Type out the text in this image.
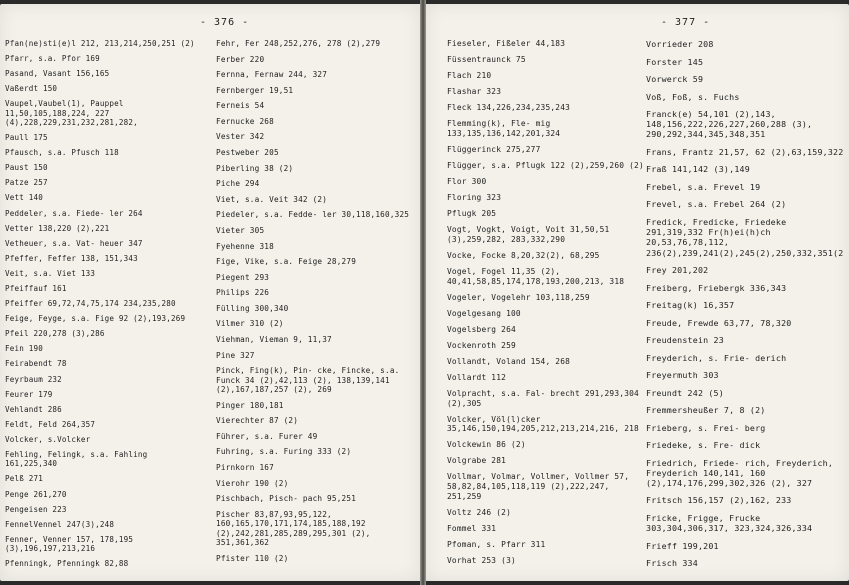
- 376 -
Pfan(ne)sti(e)l 212, 213,214,250,251 (2)
Pfarr, s.a. Pfor 169
Pasand, Vasant 156,165
Vaßerdt 150
Vaupel,Vaubel(1), Pauppel 11,50,105,188,224, 227 (4),228,229,231,232,281,282,
Paull 175
Pfausch, s.a. Pfusch 118
Paust 150
Patze 257
Vett 140
Peddeler, s.a. Fiede- ler 264
Vetter 138,220 (2),221
Vetheuer, s.a. Vat- heuer 347
Pfeffer, Feffer 138, 151,343
Veit, s.a. Viet 133
Pfeiffauf 161
Pfeiffer 69,72,74,75,174 234,235,280
Feige, Feyge, s.a. Fige 92 (2),193,269
Pfeil 220,278 (3),286
Fein 190
Feirabendt 78
Feyrbaum 232
Feurer 179
Vehlandt 286
Feldt, Feld 264,357
Volcker, s.Volcker
Fehling, Felingk, s.a. Fahling 161,225,340
Pelß 271
Penge 261,270
Pengeisen 223
FennelVennel 247(3),248
Fenner, Venner 157, 178,195 (3),196,197,213,216
Pfenningk, Pfenningk 82,88
Fehr, Fer 248,252,276, 278 (2),279
Ferber 220
Fernna, Fernaw 244, 327
Fernberger 19,51
Ferneis 54
Fernucke 268
Vester 342
Pestweber 205
Piberling 38 (2)
Piche 294
Viet, s.a. Veit 342 (2)
Piedeler, s.a. Fedde- ler 30,118,160,325
Vieter 305
Fyehenne 318
Fige, Vike, s.a. Feige 28,279
Piegent 293
Philips 226
Fülling 300,340
Vilmer 310 (2)
Viehman, Vieman 9, 11,37
Pine 327
Pinck, Fing(k), Pin- cke, Fincke, s.a. Funck 34 (2),42,113 (2), 138,139,141 (2),167,187,257 (2), 269
Pinger 180,181
Vierechter 87 (2)
Führer, s.a. Furer 49
Fuhring, s.a. Furing 333 (2)
Pirnkorn 167
Vierohr 190 (2)
Pischbach, Pisch- pach 95,251
Pischer 83,87,93,95,122, 160,165,170,171,174,185,188,192 (2),242,281,285,289,295,301 (2), 351,361,362
Pfister 110 (2)
- 377 -
Fieseler, Fißeler 44,183
Füssentraunck 75
Flach 210
Flashar 323
Fleck 134,226,234,235,243
Flemming(k), Fle- mig 133,135,136,142,201,324
Flüggerinck 275,277
Flügger, s.a. Pflugk 122 (2),259,260 (2)
Flor 300
Floring 323
Pflugk 205
Vogt, Vogkt, Voigt, Voit 31,50,51 (3),259,282, 283,332,290
Vocke, Focke 8,20,32(2), 68,295
Vogel, Fogel 11,35 (2), 40,41,58,85,174,178,193,200,213, 318
Vogeler, Vogelehr 103,118,259
Vogelgesang 100
Vogelsberg 264
Vockenroth 259
Vollandt, Voland 154, 268
Vollardt 112
Volpracht, s.a. Fal- brecht 291,293,304 (2),305
Volcker, Völ(l)cker 35,146,150,194,205,212,213,214,216, 218
Volckewin 86 (2)
Volgrabe 281
Vollmar, Volmar, Vollmer, Vollmer 57, 58,82,84,105,118,119 (2),222,247, 251,259
Voltz 246 (2)
Fommel 331
Pfoman, s. Pfarr 311
Vorhat 253 (3)
Vorrieder 208
Forster 145
Vorwerck 59
Voß, Foß, s. Fuchs
Franck(e) 54,101 (2),143, 148,156,222,226,227,260,288 (3), 290,292,344,345,348,351
Frans, Frantz 21,57, 62 (2),63,159,322
Fraß 141,142 (3),149
Frebel, s.a. Frevel 19
Frevel, s.a. Frebel 264 (2)
Fredick, Fredicke, Friedeke 291,319,332 Fr(h)ei(h)ch 20,53,76,78,112, 236(2),239,241(2),245(2),250,332,351(2
Frey 201,202
Freiberg, Friebergk 336,343
Freitag(k) 16,357
Freude, Frewde 63,77, 78,320
Freudenstein 23
Freyderich, s. Frie- derich
Freyermuth 303
Freundt 242 (5)
Fremmersheußer 7, 8 (2)
Frieberg, s. Frei- berg
Friedeke, s. Fre- dick
Friedrich, Friede- rich, Freyderich, Freyderich 140,141, 160 (2),174,176,299,302,326 (2), 327
Fritsch 156,157 (2),162, 233
Fricke, Frigge, Frucke 303,304,306,317, 323,324,326,334
Frieff 199,201
Frisch 334
